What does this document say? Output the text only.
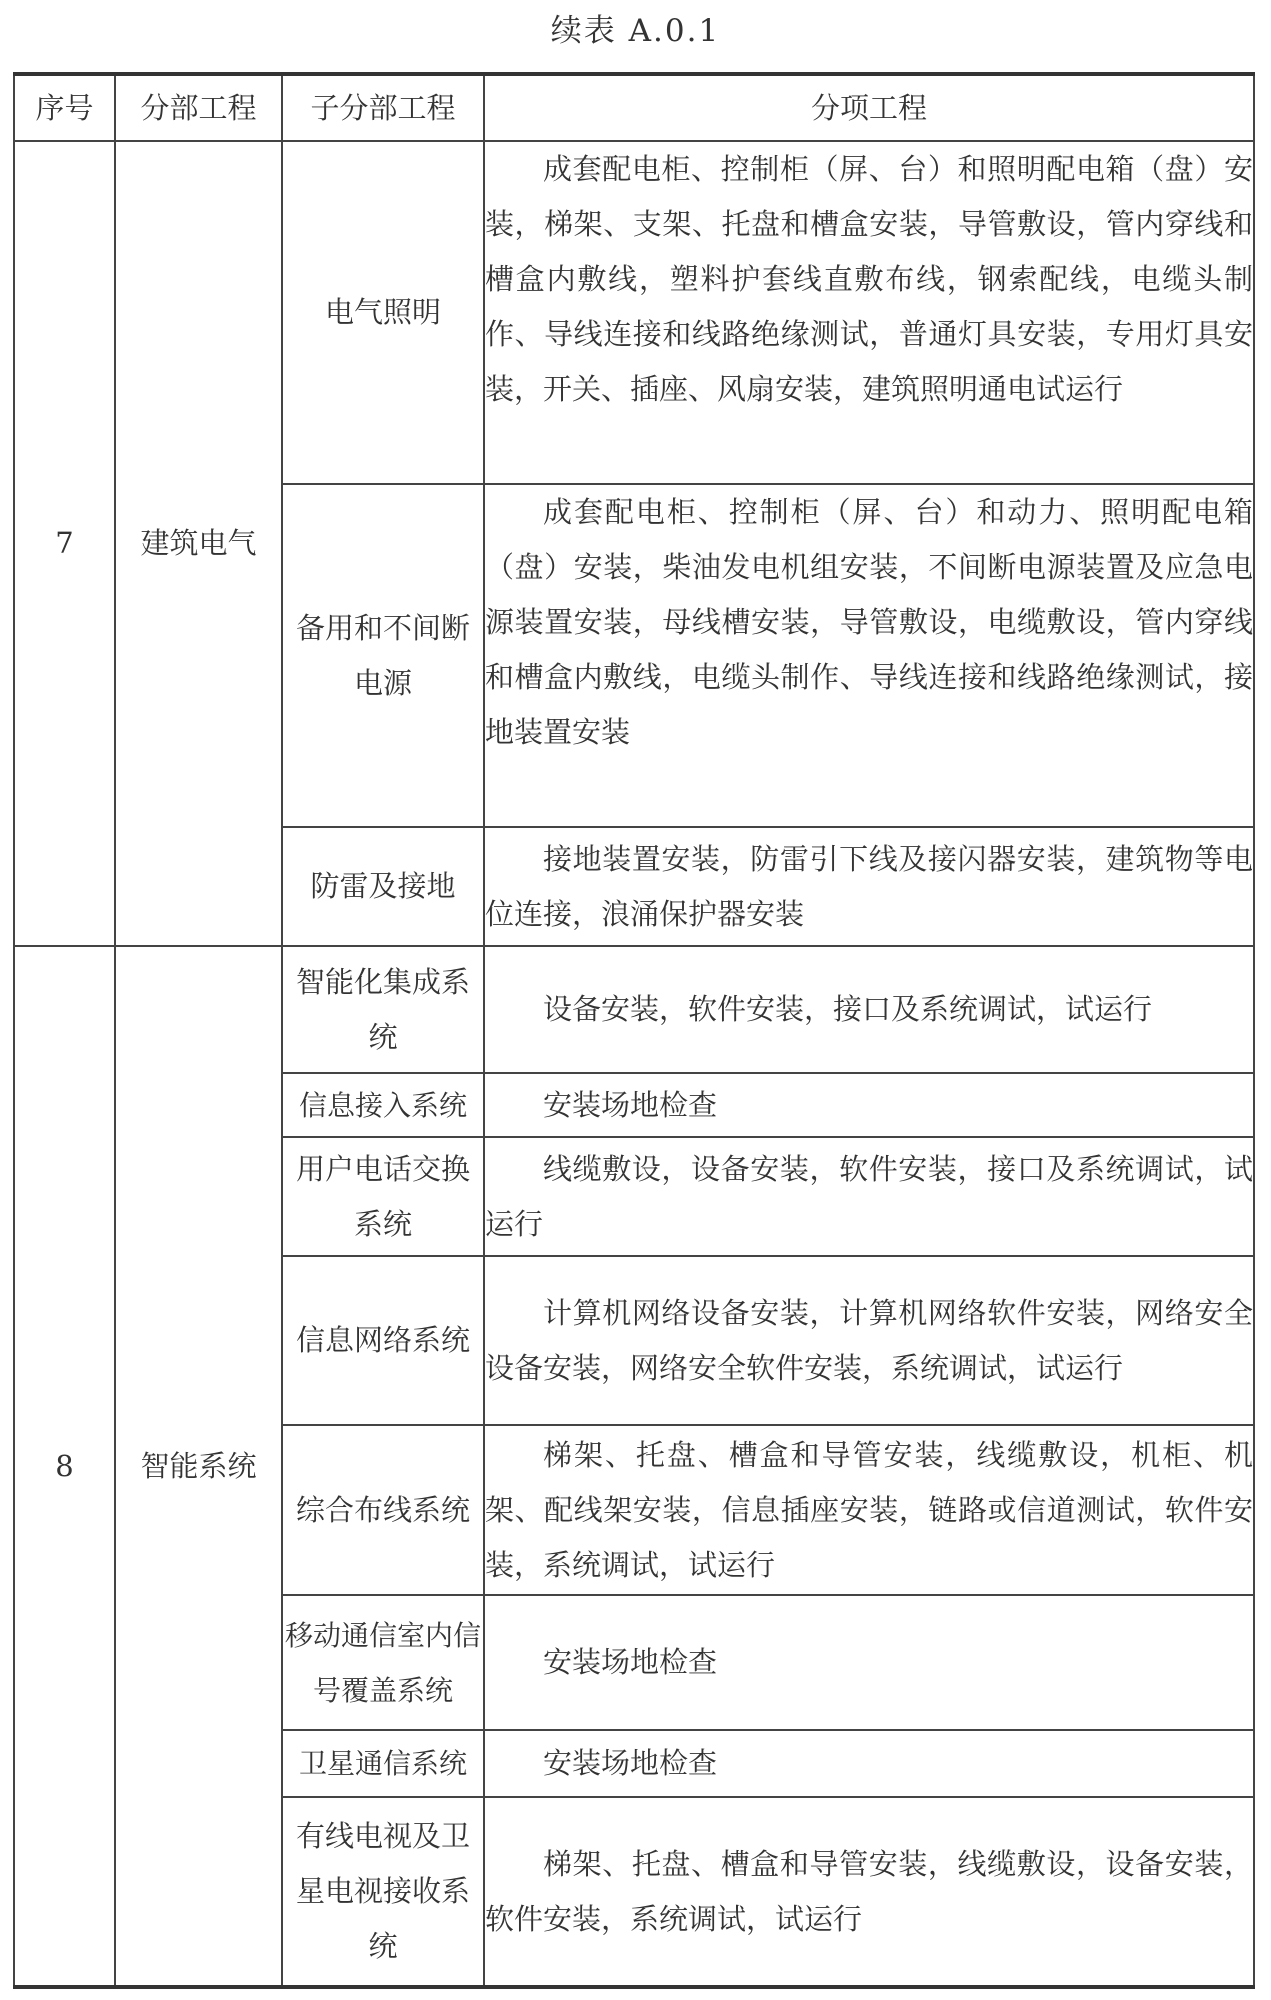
续表 A.0.1
序号	分部工程	子分部工程	分项工程
7	建筑电气	电气照明	成套配电柜、控制柜（屏、台）和照明配电箱（盘）安装，梯架、支架、托盘和槽盒安装，导管敷设，管内穿线和槽盒内敷线，塑料护套线直敷布线，钢索配线，电缆头制作、导线连接和线路绝缘测试，普通灯具安装，专用灯具安装，开关、插座、风扇安装，建筑照明通电试运行
		备用和不间断电源	成套配电柜、控制柜（屏、台）和动力、照明配电箱（盘）安装，柴油发电机组安装，不间断电源装置及应急电源装置安装，母线槽安装，导管敷设，电缆敷设，管内穿线和槽盒内敷线，电缆头制作、导线连接和线路绝缘测试，接地装置安装
		防雷及接地	接地装置安装，防雷引下线及接闪器安装，建筑物等电位连接，浪涌保护器安装
8	智能系统	智能化集成系统	设备安装，软件安装，接口及系统调试，试运行
		信息接入系统	安装场地检查
		用户电话交换系统	线缆敷设，设备安装，软件安装，接口及系统调试，试运行
		信息网络系统	计算机网络设备安装，计算机网络软件安装，网络安全设备安装，网络安全软件安装，系统调试，试运行
		综合布线系统	梯架、托盘、槽盒和导管安装，线缆敷设，机柜、机架、配线架安装，信息插座安装，链路或信道测试，软件安装，系统调试，试运行
		移动通信室内信号覆盖系统	安装场地检查
		卫星通信系统	安装场地检查
		有线电视及卫星电视接收系统	梯架、托盘、槽盒和导管安装，线缆敷设，设备安装，软件安装，系统调试，试运行
